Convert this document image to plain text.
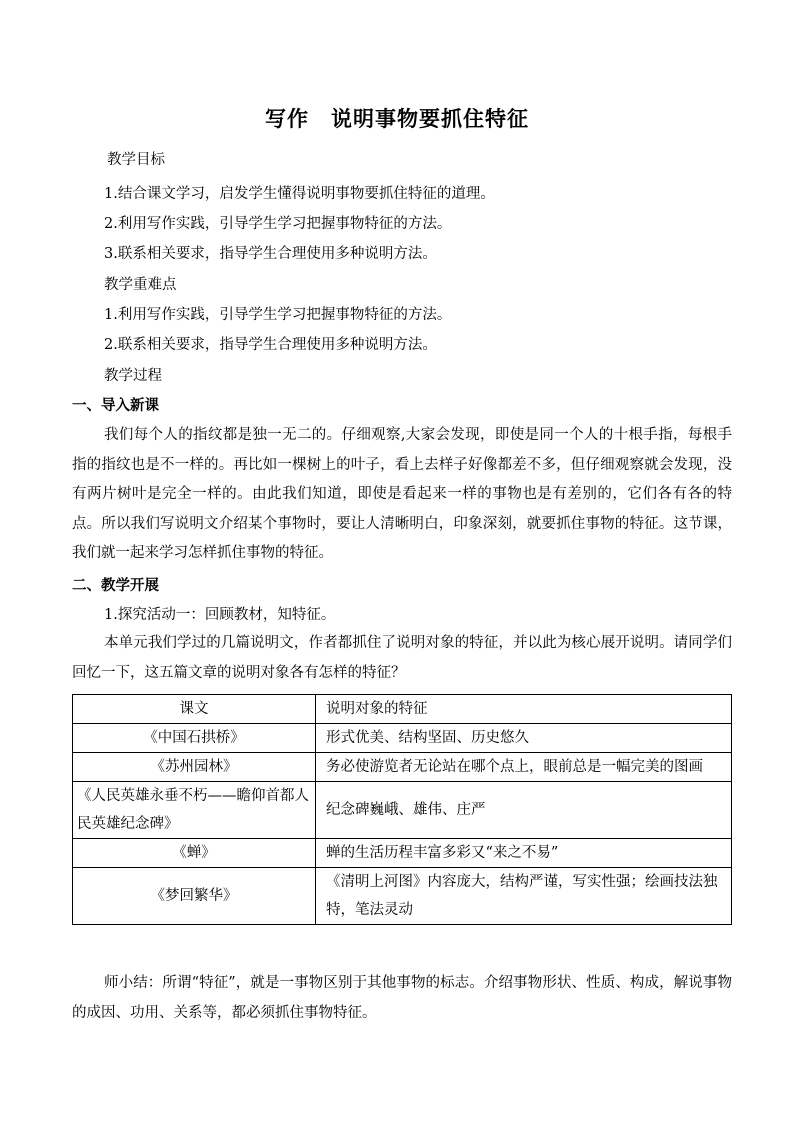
写作　说明事物要抓住特征
教学目标
1.结合课文学习，启发学生懂得说明事物要抓住特征的道理。
2.利用写作实践，引导学生学习把握事物特征的方法。
3.联系相关要求，指导学生合理使用多种说明方法。
教学重难点
1.利用写作实践，引导学生学习把握事物特征的方法。
2.联系相关要求，指导学生合理使用多种说明方法。
教学过程
一、导入新课
我们每个人的指纹都是独一无二的。仔细观察,大家会发现，即使是同一个人的十根手指，每根手指的指纹也是不一样的。再比如一棵树上的叶子，看上去样子好像都差不多，但仔细观察就会发现，没有两片树叶是完全一样的。由此我们知道，即使是看起来一样的事物也是有差别的，它们各有各的特点。所以我们写说明文介绍某个事物时，要让人清晰明白，印象深刻，就要抓住事物的特征。这节课，我们就一起来学习怎样抓住事物的特征。
二、教学开展
1.探究活动一：回顾教材，知特征。
本单元我们学过的几篇说明文，作者都抓住了说明对象的特征，并以此为核心展开说明。请同学们回忆一下，这五篇文章的说明对象各有怎样的特征？
课文	说明对象的特征
《中国石拱桥》	形式优美、结构坚固、历史悠久
《苏州园林》	务必使游览者无论站在哪个点上，眼前总是一幅完美的图画
《人民英雄永垂不朽——瞻仰首都人民英雄纪念碑》	纪念碑巍峨、雄伟、庄严
《蝉》	蝉的生活历程丰富多彩又“来之不易”
《梦回繁华》	《清明上河图》内容庞大，结构严谨，写实性强；绘画技法独特，笔法灵动
师小结：所谓“特征”，就是一事物区别于其他事物的标志。介绍事物形状、性质、构成，解说事物的成因、功用、关系等，都必须抓住事物特征。
